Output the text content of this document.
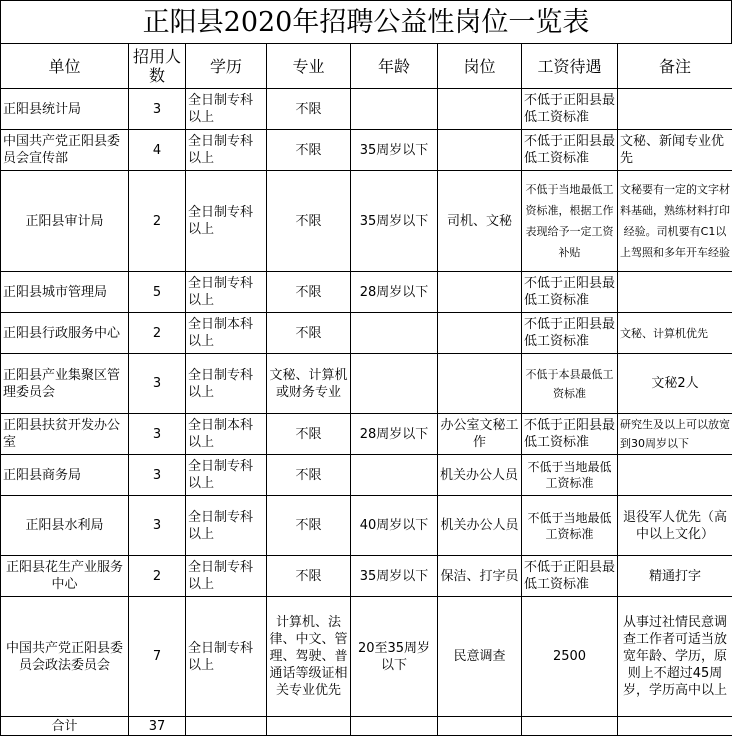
正阳县2020年招聘公益性岗位一览表
单位	招用人数	学历	专业	年龄	岗位	工资待遇	备注
正阳县统计局	3	全日制专科以上	不限			不低于正阳县最低工资标准	
中国共产党正阳县委员会宣传部	4	全日制专科以上	不限	35周岁以下		不低于正阳县最低工资标准	文秘、新闻专业优先
正阳县审计局	2	全日制专科以上	不限	35周岁以下	司机、文秘	不低于当地最低工资标准，根据工作表现给予一定工资补贴	文秘要有一定的文字材料基础，熟练材料打印经验。司机要有C1以上驾照和多年开车经验
正阳县城市管理局	5	全日制专科以上	不限	28周岁以下		不低于正阳县最低工资标准	
正阳县行政服务中心	2	全日制本科以上	不限			不低于正阳县最低工资标准	文秘、计算机优先
正阳县产业集聚区管理委员会	3	全日制专科以上	文秘、计算机或财务专业			不低于本县最低工资标准	文秘2人
正阳县扶贫开发办公室	3	全日制本科以上	不限	28周岁以下	办公室文秘工作	不低于正阳县最低工资标准	研究生及以上可以放宽到30周岁以下
正阳县商务局	3	全日制专科以上	不限		机关办公人员	不低于当地最低工资标准	
正阳县水利局	3	全日制专科以上	不限	40周岁以下	机关办公人员	不低于当地最低工资标准	退役军人优先（高中以上文化）
正阳县花生产业服务中心	2	全日制专科以上	不限	35周岁以下	保洁、打字员	不低于正阳县最低工资标准	精通打字
中国共产党正阳县委员会政法委员会	7	全日制专科以上	计算机、法律、中文、管理、驾驶、普通话等级证相关专业优先	20至35周岁以下	民意调查	2500	从事过社情民意调查工作者可适当放宽年龄、学历，原则上不超过45周岁，学历高中以上
合计	37						
